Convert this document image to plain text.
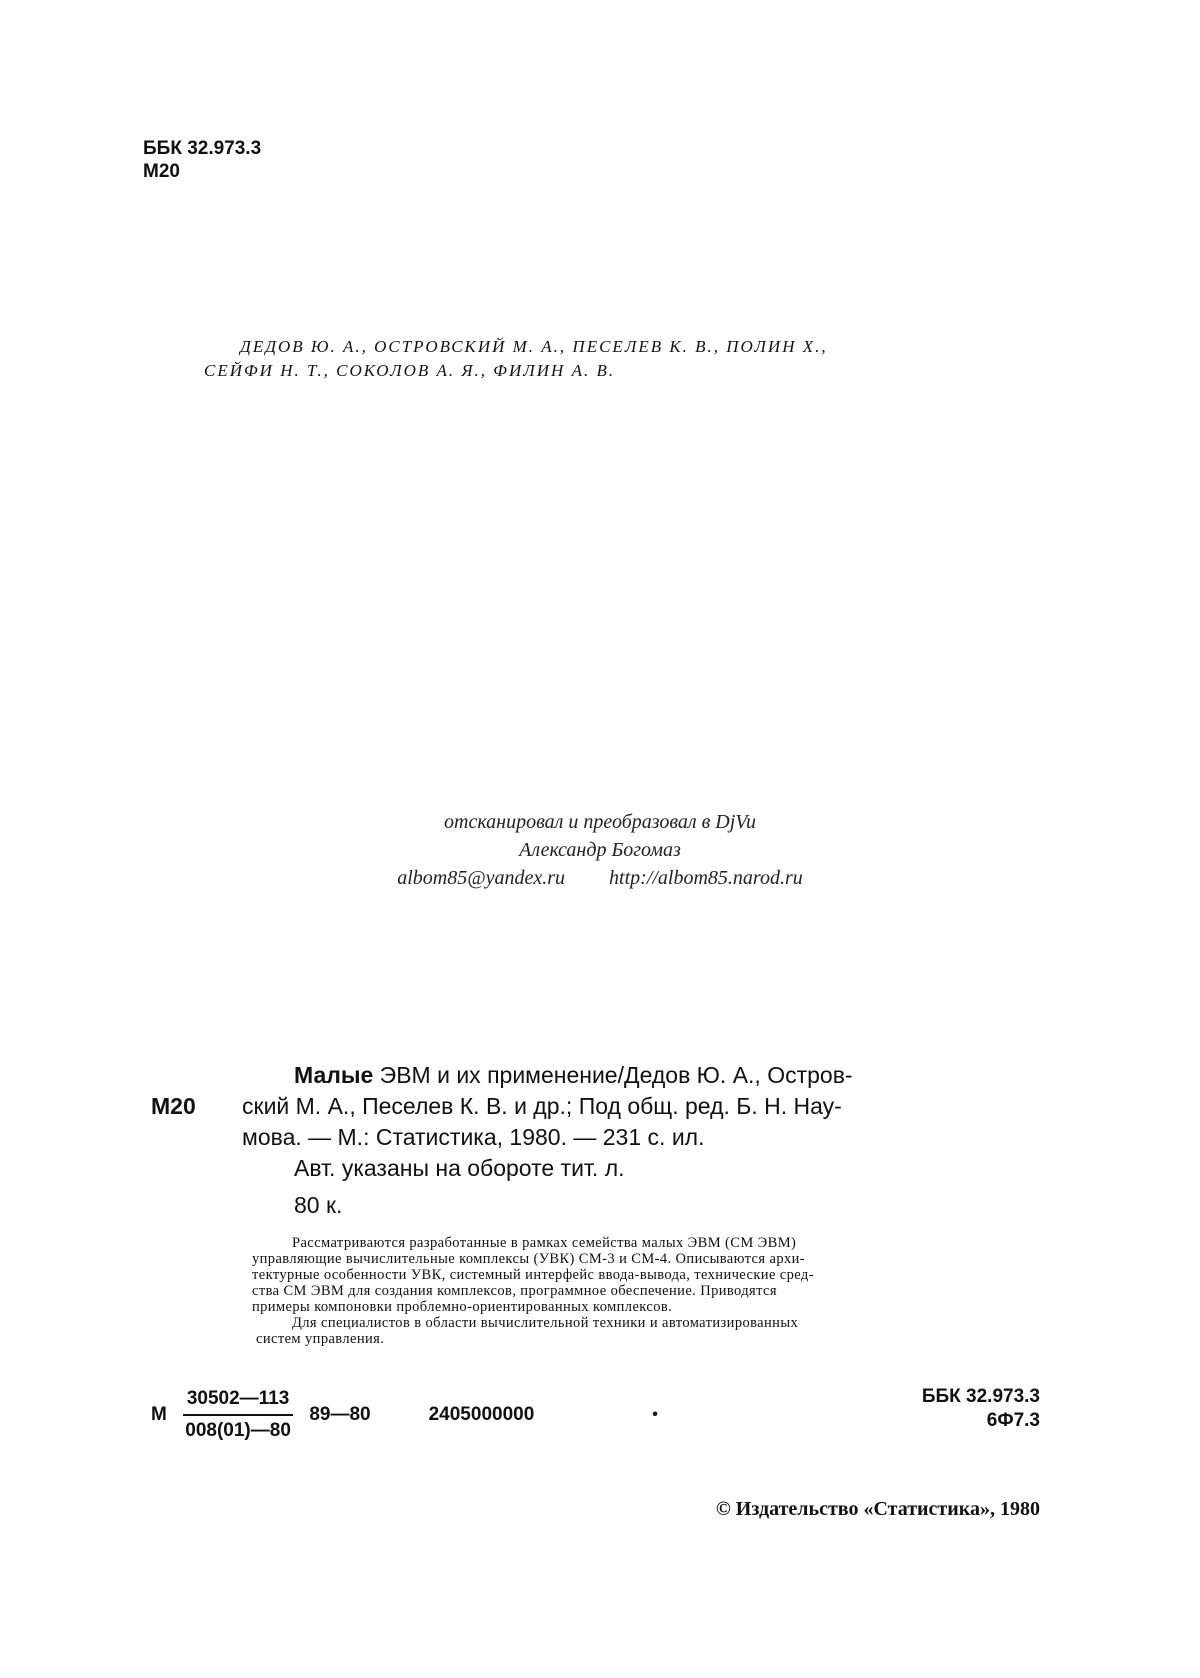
ББК 32.973.3
М20
ДЕДОВ Ю. А., ОСТРОВСКИЙ М. А., ПЕСЕЛЕВ К. В., ПОЛИН Х.,
СЕЙФИ Н. Т., СОКОЛОВ А. Я., ФИЛИН А. В.
отсканировал и преобразовал в DjVu
Александр Богомаз
albom85@yandex.ru http://albom85.narod.ru
М20
Малые ЭВМ и их применение/Дедов Ю. А., Остров-
ский М. А., Песелев К. В. и др.; Под общ. ред. Б. Н. Нау-
мова. — М.: Статистика, 1980. — 231 с. ил.
Авт. указаны на обороте тит. л.
80 к.
Рассматриваются разработанные в рамках семейства малых ЭВМ (СМ ЭВМ)
управляющие вычислительные комплексы (УВК) СМ-3 и СМ-4. Описываются архи-
тектурные особенности УВК, системный интерфейс ввода-вывода, технические сред-
ства СМ ЭВМ для создания комплексов, программное обеспечение. Приводятся
примеры компоновки проблемно-ориентированных комплексов.
Для специалистов в области вычислительной техники и автоматизированных
систем управления.
М $\frac{30502—113}{008(01)—80}$ 89—80	2405000000	•
ББК 32.973.3
6Ф7.3
© Издательство «Статистика», 1980
